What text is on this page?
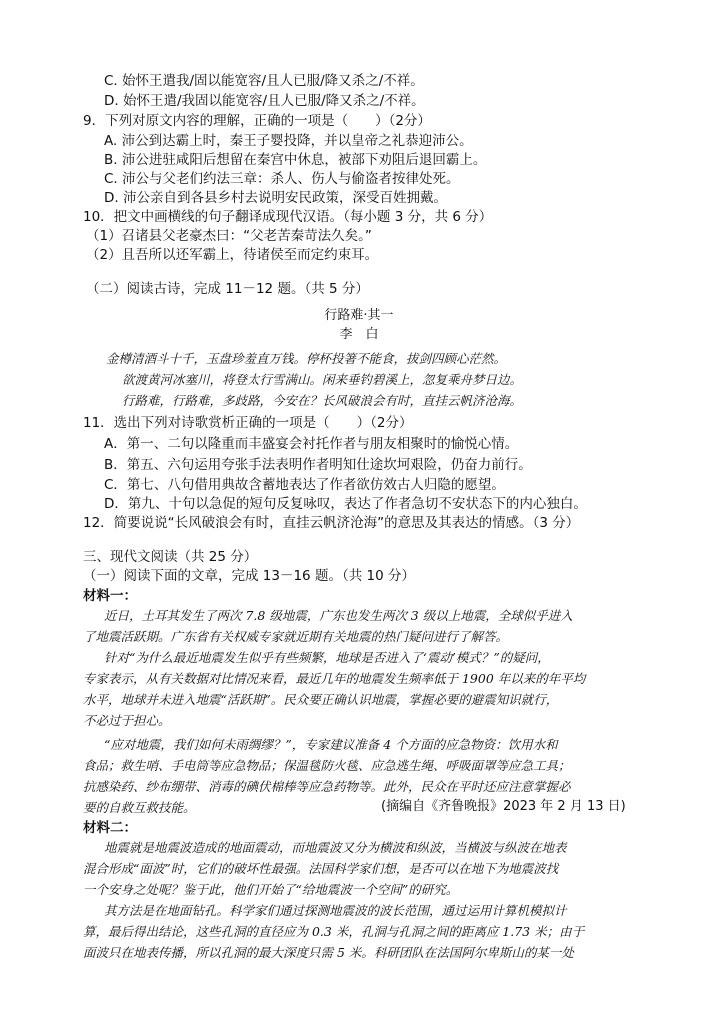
C. 始怀王遣我/固以能宽容/且人已服/降又杀之/不祥。
D. 始怀王遣/我固以能宽容/且人已服/降又杀之/不祥。
9．下列对原文内容的理解，正确的一项是（　　）（2分）
A. 沛公到达霸上时，秦王子婴投降，并以皇帝之礼恭迎沛公。
B. 沛公进驻咸阳后想留在秦宫中休息，被部下劝阻后退回霸上。
C. 沛公与父老们约法三章：杀人、伤人与偷盗者按律处死。
D. 沛公亲自到各县乡村去说明安民政策，深受百姓拥戴。
10．把文中画横线的句子翻译成现代汉语。（每小题 3 分，共 6 分）
（1）召诸县父老豪杰曰：“父老苦秦苛法久矣。”
（2）且吾所以还军霸上，待诸侯至而定约束耳。
（二）阅读古诗，完成 11－12 题。（共 5 分）
行路难·其一
李　白
金樽清酒斗十千，玉盘珍羞直万钱。停杯投箸不能食，拔剑四顾心茫然。
欲渡黄河冰塞川，将登太行雪满山。闲来垂钓碧溪上，忽复乘舟梦日边。
行路难，行路难，多歧路，今安在？长风破浪会有时，直挂云帆济沧海。
11．选出下列对诗歌赏析正确的一项是（　　）（2分）
A．第一、二句以隆重而丰盛宴会衬托作者与朋友相聚时的愉悦心情。
B．第五、六句运用夸张手法表明作者明知仕途坎坷艰险，仍奋力前行。
C．第七、八句借用典故含蓄地表达了作者欲仿效古人归隐的愿望。
D．第九、十句以急促的短句反复咏叹，表达了作者急切不安状态下的内心独白。
12．简要说说“长风破浪会有时，直挂云帆济沧海”的意思及其表达的情感。（3 分）
三、现代文阅读（共 25 分）
（一）阅读下面的文章，完成 13－16 题。（共 10 分）
材料一：
近日，土耳其发生了两次 7.8 级地震，广东也发生两次 3 级以上地震，全球似乎进入
了地震活跃期。广东省有关权威专家就近期有关地震的热门疑问进行了解答。
针对“为什么最近地震发生似乎有些频繁，地球是否进入了‘震动’模式？”的疑问，
专家表示，从有关数据对比情况来看，最近几年的地震发生频率低于 1900 年以来的年平均
水平，地球并未进入地震“活跃期”。民众要正确认识地震，掌握必要的避震知识就行，
不必过于担心。
“应对地震，我们如何未雨绸缪？”，专家建议准备 4 个方面的应急物资：饮用水和
食品；救生哨、手电筒等应急物品；保温毯防火毯、应急逃生绳、呼吸面罩等应急工具；
抗感染药、纱布绷带、消毒的碘伏棉棒等应急药物等。此外，民众在平时还应注意掌握必
要的自救互救技能。	(摘编自《齐鲁晚报》2023 年 2 月 13 日)
材料二：
地震就是地震波造成的地面震动，而地震波又分为横波和纵波，当横波与纵波在地表
混合形成“面波”时，它们的破坏性最强。法国科学家们想，是否可以在地下为地震波找
一个安身之处呢？鉴于此，他们开始了“给地震波一个空间”的研究。
其方法是在地面钻孔。科学家们通过探测地震波的波长范围，通过运用计算机模拟计
算，最后得出结论，这些孔洞的直径应为 0.3 米，孔洞与孔洞之间的距离应 1.73 米；由于
面波只在地表传播，所以孔洞的最大深度只需 5 米。科研团队在法国阿尔卑斯山的某一处
